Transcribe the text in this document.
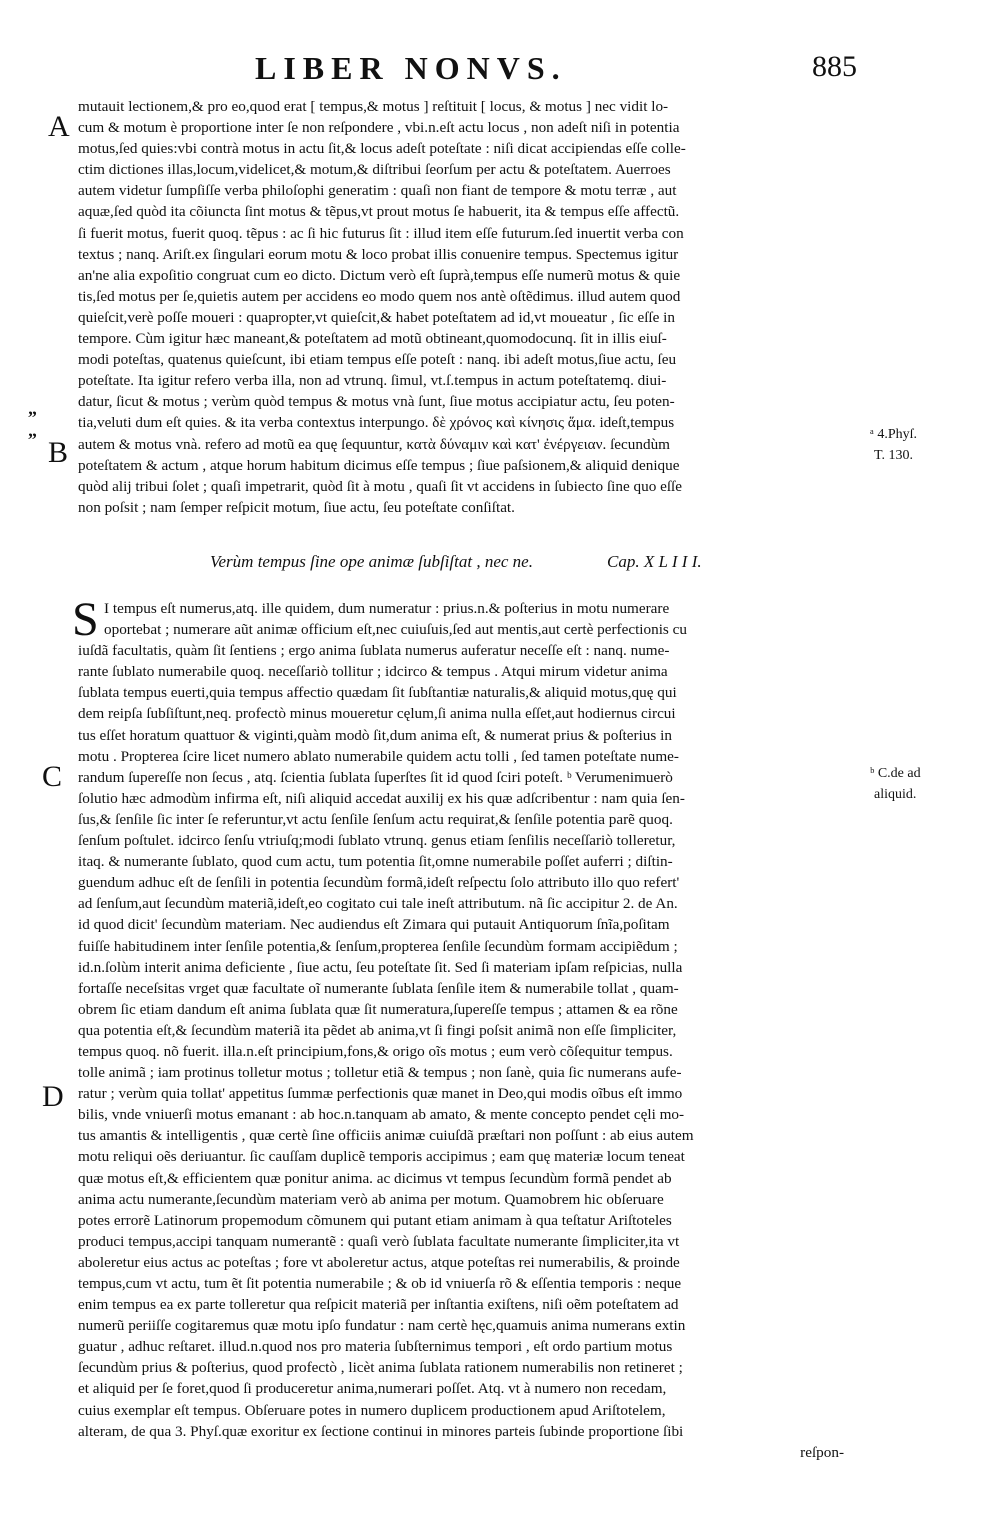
LIBER NONVS.	885
A
B
C
D
„
„	ᵃ 4.Phyſ.
T. 130.
ᵇ C.de ad
aliquid.
mutauit lectionem,& pro eo,quod erat [ tempus,& motus ] reſtituit [ locus, & motus ] nec vidit lo-
cum & motum è proportione inter ſe non reſpondere , vbi.n.eſt actu locus , non adeſt niſi in potentia
motus,ſed quies:vbi contrà motus in actu ſit,& locus adeſt poteſtate : niſi dicat accipiendas eſſe colle-
ctim dictiones illas,locum,videlicet,& motum,& diſtribui ſeorſum per actu & poteſtatem. Auerroes
autem videtur ſumpſiſſe verba philoſophi generatim : quaſi non fiant de tempore & motu terræ , aut
aquæ,ſed quòd ita cõiuncta ſint motus & tẽpus,vt prout motus ſe habuerit, ita & tempus eſſe affectũ.
ſi fuerit motus, fuerit quoq. tẽpus : ac ſi hic futurus ſit : illud item eſſe futurum.ſed inuertit verba con
textus ; nanq. Ariſt.ex ſingulari eorum motu & loco probat illis conuenire tempus. Spectemus igitur
an'ne alia expoſitio congruat cum eo dicto. Dictum verò eſt ſuprà,tempus eſſe numerũ motus & quie
tis,ſed motus per ſe,quietis autem per accidens eo modo quem nos antè oſtẽdimus. illud autem quod
quieſcit,verè poſſe moueri : quapropter,vt quieſcit,& habet poteſtatem ad id,vt moueatur , ſic eſſe in
tempore. Cùm igitur hæc maneant,& poteſtatem ad motũ obtineant,quomodocunq. ſit in illis eiuſ-
modi poteſtas, quatenus quieſcunt, ibi etiam tempus eſſe poteſt : nanq. ibi adeſt motus,ſiue actu, ſeu
poteſtate. Ita igitur refero verba illa, non ad vtrunq. ſimul, vt.ſ.tempus in actum poteſtatemq. diui-
datur, ſicut & motus ; verùm quòd tempus & motus vnà ſunt, ſiue motus accipiatur actu, ſeu poten-
tia,veluti dum eſt quies. & ita verba contextus interpungo. δὲ χρόνος καὶ κίνησις ἅμα. ideſt,tempus
autem & motus vnà. refero ad motũ ea quę ſequuntur, κατὰ δύναμιν καὶ κατ' ἐνέργειαν. ſecundùm
poteſtatem & actum , atque horum habitum dicimus eſſe tempus ; ſiue paſsionem,& aliquid denique
quòd alij tribui ſolet ; quaſi impetrarit, quòd ſit à motu , quaſi ſit vt accidens in ſubiecto ſine quo eſſe
non poſsit ; nam ſemper reſpicit motum, ſiue actu, ſeu poteſtate conſiſtat.
Verùm tempus ſine ope animæ ſubſiſtat , nec ne.	Cap. X L I I I.
S I tempus eſt numerus,atq. ille quidem, dum numeratur : prius.n.& poſterius in motu numerare
oportebat ; numerare aũt animæ officium eſt,nec cuiuſuis,ſed aut mentis,aut certè perfectionis cu
iuſdã facultatis, quàm ſit ſentiens ; ergo anima ſublata numerus auferatur neceſſe eſt : nanq. nume-
rante ſublato numerabile quoq. neceſſariò tollitur ; idcirco & tempus . Atqui mirum videtur anima
ſublata tempus euerti,quia tempus affectio quædam ſit ſubſtantiæ naturalis,& aliquid motus,quę qui
dem reipſa ſubſiſtunt,neq. profectò minus moueretur cęlum,ſi anima nulla eſſet,aut hodiernus circui
tus eſſet horatum quattuor & viginti,quàm modò ſit,dum anima eſt, & numerat prius & poſterius in
motu . Propterea ſcire licet numero ablato numerabile quidem actu tolli , ſed tamen poteſtate nume-
randum ſupereſſe non ſecus , atq. ſcientia ſublata ſuperſtes ſit id quod ſciri poteſt. ᵇ Verumenimuerò
ſolutio hæc admodùm infirma eſt, niſi aliquid accedat auxilij ex his quæ adſcribentur : nam quia ſen-
ſus,& ſenſile ſic inter ſe referuntur,vt actu ſenſile ſenſum actu requirat,& ſenſile potentia parẽ quoq.
ſenſum poſtulet. idcirco ſenſu vtriuſq;modi ſublato vtrunq. genus etiam ſenſilis neceſſariò tolleretur,
itaq. & numerante ſublato, quod cum actu, tum potentia ſit,omne numerabile poſſet auferri ; diſtin-
guendum adhuc eſt de ſenſili in potentia ſecundùm formã,ideſt reſpectu ſolo attributo illo quo refert'
ad ſenſum,aut ſecundùm materiã,ideſt,eo cogitato cui tale ineſt attributum. nã ſic accipitur 2. de An.
id quod dicit' ſecundùm materiam. Nec audiendus eſt Zimara qui putauit Antiquorum ſnĩa,poſitam
fuiſſe habitudinem inter ſenſile potentia,& ſenſum,propterea ſenſile ſecundùm formam accipiẽdum ;
id.n.ſolùm interit anima deficiente , ſiue actu, ſeu poteſtate ſit. Sed ſi materiam ipſam reſpicias, nulla
fortaſſe neceſsitas vrget quæ facultate oĩ numerante ſublata ſenſile item & numerabile tollat , quam-
obrem ſic etiam dandum eſt anima ſublata quæ ſit numeratura,ſupereſſe tempus ; attamen & ea rõne
qua potentia eſt,& ſecundùm materiã ita pẽdet ab anima,vt ſi fingi poſsit animã non eſſe ſimpliciter,
tempus quoq. nõ fuerit. illa.n.eſt principium,fons,& origo oĩs motus ; eum verò cõſequitur tempus.
tolle animã ; iam protinus tolletur motus ; tolletur etiã & tempus ; non ſanè, quia ſic numerans aufe-
ratur ; verùm quia tollat' appetitus ſummæ perfectionis quæ manet in Deo,qui modis oĩbus eſt immo
bilis, vnde vniuerſi motus emanant : ab hoc.n.tanquam ab amato, & mente concepto pendet cęli mo-
tus amantis & intelligentis , quæ certè ſine officiis animæ cuiuſdã præſtari non poſſunt : ab eius autem
motu reliqui oẽs deriuantur. ſic cauſſam duplicẽ temporis accipimus ; eam quę materiæ locum teneat
quæ motus eſt,& efficientem quæ ponitur anima. ac dicimus vt tempus ſecundùm formã pendet ab
anima actu numerante,ſecundùm materiam verò ab anima per motum. Quamobrem hic obſeruare
potes errorẽ Latinorum propemodum cõmunem qui putant etiam animam à qua teſtatur Ariſtoteles
produci tempus,accipi tanquam numerantẽ : quaſi verò ſublata facultate numerante ſimpliciter,ita vt
aboleretur eius actus ac poteſtas ; fore vt aboleretur actus, atque poteſtas rei numerabilis, & proinde
tempus,cum vt actu, tum ẽt ſit potentia numerabile ; & ob id vniuerſa rõ & eſſentia temporis : neque
enim tempus ea ex parte tolleretur qua reſpicit materiã per inſtantia exiſtens, niſi oẽm poteſtatem ad
numerũ periiſſe cogitaremus quæ motu ipſo fundatur : nam certè hęc,quamuis anima numerans extin
guatur , adhuc reſtaret. illud.n.quod nos pro materia ſubſternimus tempori , eſt ordo partium motus
ſecundùm prius & poſterius, quod profectò , licèt anima ſublata rationem numerabilis non retineret ;
et aliquid per ſe foret,quod ſi produceretur anima,numerari poſſet. Atq. vt à numero non recedam,
cuius exemplar eſt tempus. Obſeruare potes in numero duplicem productionem apud Ariſtotelem,
alteram, de qua 3. Phyſ.quæ exoritur ex ſectione continui in minores parteis ſubinde proportione ſibi
reſpon-
